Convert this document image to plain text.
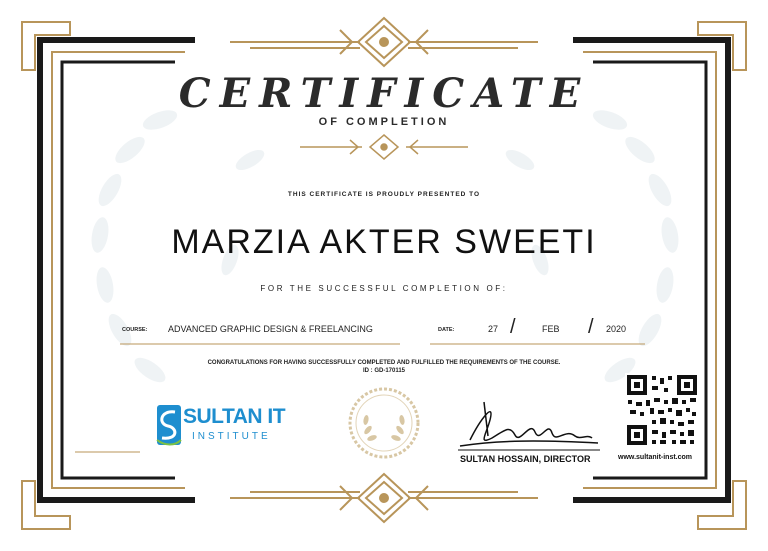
CERTIFICATE
OF COMPLETION
THIS CERTIFICATE IS PROUDLY PRESENTED TO
MARZIA AKTER SWEETI
FOR THE SUCCESSFUL COMPLETION OF:
COURSE: ADVANCED GRAPHIC DESIGN & FREELANCING	DATE:	27 /	FEB / 2020
CONGRATULATIONS FOR HAVING SUCCESSFULLY COMPLETED AND FULFILLED THE REQUIREMENTS OF THE COURSE.
ID : GD-170115
SULTAN IT
INSTITUTE
SULTAN HOSSAIN, DIRECTOR	www.sultanit-inst.com
